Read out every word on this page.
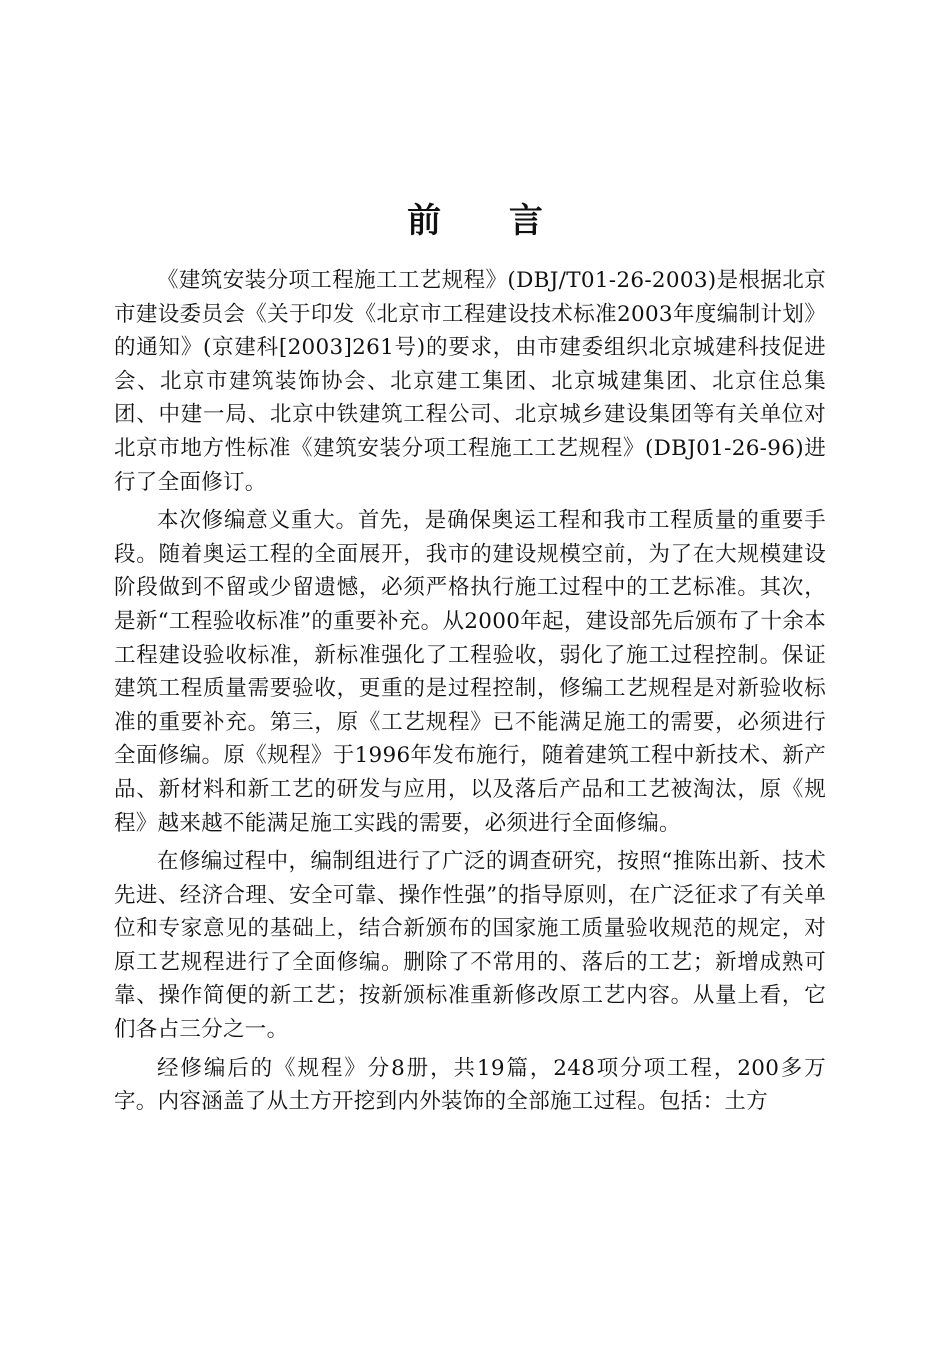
前 言

《建筑安装分项工程施工工艺规程》(DBJ/T01-26-2003)是根据北京市建设委员会《关于印发《北京市工程建设技术标准2003年度编制计划》的通知》(京建科[2003]261号)的要求，由市建委组织北京城建科技促进会、北京市建筑装饰协会、北京建工集团、北京城建集团、北京住总集团、中建一局、北京中铁建筑工程公司、北京城乡建设集团等有关单位对北京市地方性标准《建筑安装分项工程施工工艺规程》(DBJ01-26-96)进行了全面修订。

本次修编意义重大。首先，是确保奥运工程和我市工程质量的重要手段。随着奥运工程的全面展开，我市的建设规模空前，为了在大规模建设阶段做到不留或少留遗憾，必须严格执行施工过程中的工艺标准。其次，是新“工程验收标准”的重要补充。从2000年起，建设部先后颁布了十余本工程建设验收标准，新标准强化了工程验收，弱化了施工过程控制。保证建筑工程质量需要验收，更重的是过程控制，修编工艺规程是对新验收标准的重要补充。第三，原《工艺规程》已不能满足施工的需要，必须进行全面修编。原《规程》于1996年发布施行，随着建筑工程中新技术、新产品、新材料和新工艺的研发与应用，以及落后产品和工艺被淘汰，原《规程》越来越不能满足施工实践的需要，必须进行全面修编。

在修编过程中，编制组进行了广泛的调查研究，按照“推陈出新、技术先进、经济合理、安全可靠、操作性强”的指导原则，在广泛征求了有关单位和专家意见的基础上，结合新颁布的国家施工质量验收规范的规定，对原工艺规程进行了全面修编。删除了不常用的、落后的工艺；新增成熟可靠、操作简便的新工艺；按新颁标准重新修改原工艺内容。从量上看，它们各占三分之一。

经修编后的《规程》分8册，共19篇，248项分项工程，200多万字。内容涵盖了从土方开挖到内外装饰的全部施工过程。包括：土方
